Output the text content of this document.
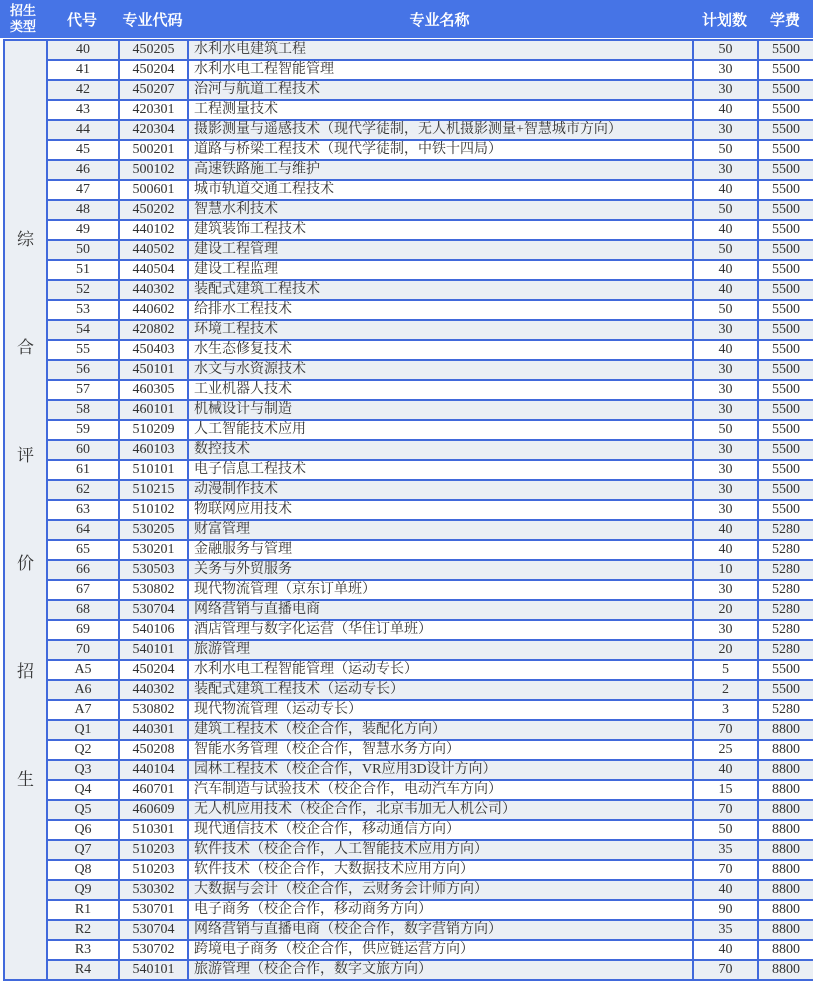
招生类型	代号	专业代码	专业名称	计划数	学费
综
合
评
价
招
生
	40	450205	水利水电建筑工程	50	5500
	41	450204	水利水电工程智能管理	30	5500
	42	450207	治河与航道工程技术	30	5500
	43	420301	工程测量技术	40	5500
	44	420304	摄影测量与遥感技术（现代学徒制，无人机摄影测量+智慧城市方向）	30	5500
	45	500201	道路与桥梁工程技术（现代学徒制，中铁十四局）	50	5500
	46	500102	高速铁路施工与维护	30	5500
	47	500601	城市轨道交通工程技术	40	5500
	48	450202	智慧水利技术	50	5500
	49	440102	建筑装饰工程技术	40	5500
	50	440502	建设工程管理	50	5500
	51	440504	建设工程监理	40	5500
	52	440302	装配式建筑工程技术	40	5500
	53	440602	给排水工程技术	50	5500
	54	420802	环境工程技术	30	5500
	55	450403	水生态修复技术	40	5500
	56	450101	水文与水资源技术	30	5500
	57	460305	工业机器人技术	30	5500
	58	460101	机械设计与制造	30	5500
	59	510209	人工智能技术应用	50	5500
	60	460103	数控技术	30	5500
	61	510101	电子信息工程技术	30	5500
	62	510215	动漫制作技术	30	5500
	63	510102	物联网应用技术	30	5500
	64	530205	财富管理	40	5280
	65	530201	金融服务与管理	40	5280
	66	530503	关务与外贸服务	10	5280
	67	530802	现代物流管理（京东订单班）	30	5280
	68	530704	网络营销与直播电商	20	5280
	69	540106	酒店管理与数字化运营（华住订单班）	30	5280
	70	540101	旅游管理	20	5280
	A5	450204	水利水电工程智能管理（运动专长）	5	5500
	A6	440302	装配式建筑工程技术（运动专长）	2	5500
	A7	530802	现代物流管理（运动专长）	3	5280
	Q1	440301	建筑工程技术（校企合作，装配化方向）	70	8800
	Q2	450208	智能水务管理（校企合作，智慧水务方向）	25	8800
	Q3	440104	园林工程技术（校企合作，VR应用3D设计方向）	40	8800
	Q4	460701	汽车制造与试验技术（校企合作，电动汽车方向）	15	8800
	Q5	460609	无人机应用技术（校企合作，北京韦加无人机公司）	70	8800
	Q6	510301	现代通信技术（校企合作，移动通信方向）	50	8800
	Q7	510203	软件技术（校企合作，人工智能技术应用方向）	35	8800
	Q8	510203	软件技术（校企合作，大数据技术应用方向）	70	8800
	Q9	530302	大数据与会计（校企合作，云财务会计师方向）	40	8800
	R1	530701	电子商务（校企合作，移动商务方向）	90	8800
	R2	530704	网络营销与直播电商（校企合作，数字营销方向）	35	8800
	R3	530702	跨境电子商务（校企合作，供应链运营方向）	40	8800
	R4	540101	旅游管理（校企合作，数字文旅方向）	70	8800
